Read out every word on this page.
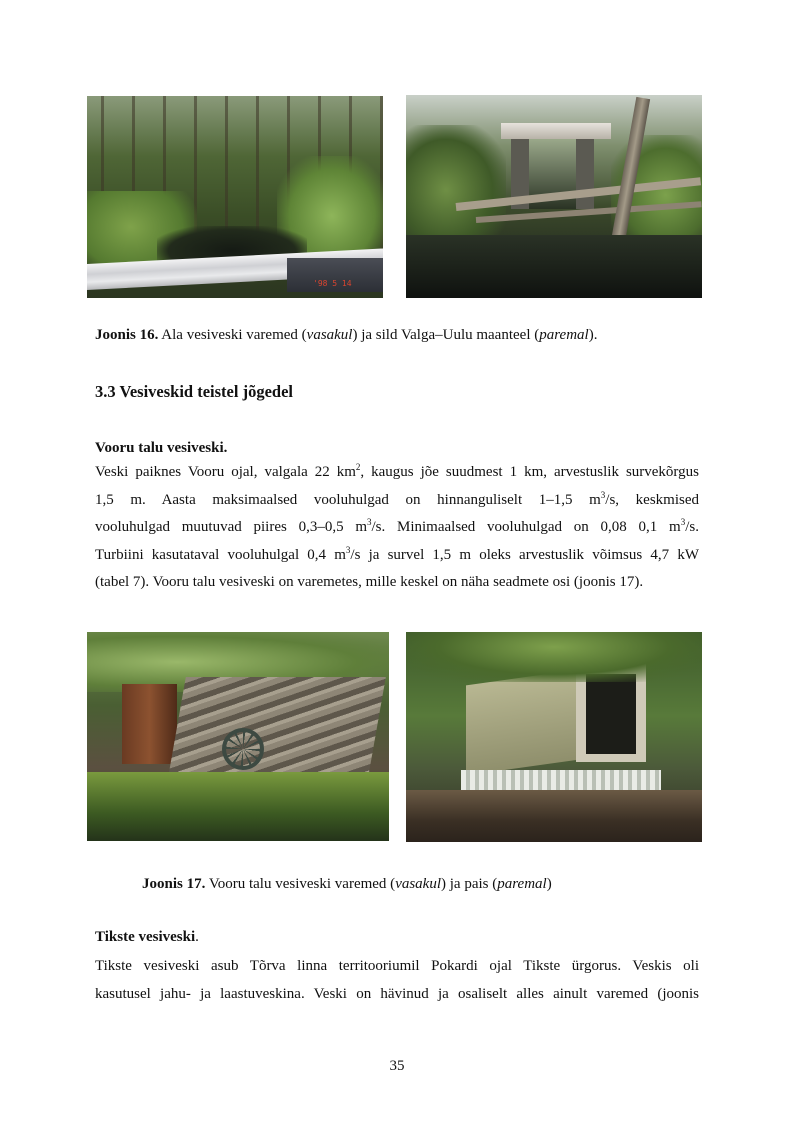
'98 5 14
Joonis 16. Ala vesiveski varemed (vasakul) ja sild Valga–Uulu maanteel (paremal).
3.3 Vesiveskid teistel jõgedel
Vooru talu vesiveski.
Veski paiknes Vooru ojal, valgala 22 $km^2$, kaugus jõe suudmest 1 km, arvestuslik survekõrgus
1,5 m. Aasta maksimaalsed vooluhulgad on hinnanguliselt 1–1,5 $m^3/s$, keskmised
vooluhulgad muutuvad piires 0,3–0,5 $m^3/s$. Minimaalsed vooluhulgad on 0,08 0,1 $m^3/s$.
Turbiini kasutataval vooluhulgal 0,4 $m^3/s$ ja survel 1,5 m oleks arvestuslik võimsus 4,7 kW
(tabel 7). Vooru talu vesiveski on varemetes, mille keskel on näha seadmete osi (joonis 17).
Joonis 17. Vooru talu vesiveski varemed (vasakul) ja pais (paremal)
Tikste vesiveski.
Tikste vesiveski asub Tõrva linna territooriumil Pokardi ojal Tikste ürgorus. Veskis oli
kasutusel jahu- ja laastuveskina. Veski on hävinud ja osaliselt alles ainult varemed (joonis
35
